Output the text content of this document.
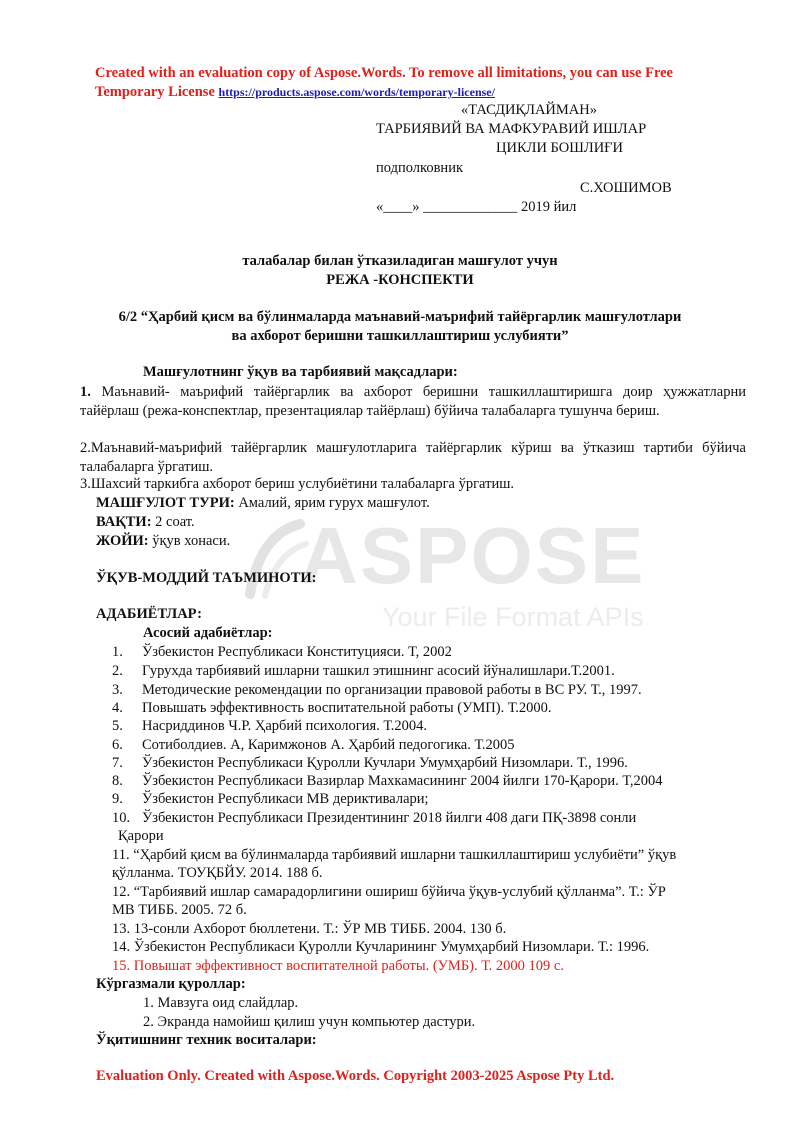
ASPOSE
Your File Format APIs
Created with an evaluation copy of Aspose.Words. To remove all limitations, you can use Free
Temporary License https://products.aspose.com/words/temporary-license/
«ТАСДИҚЛАЙМАН»
ТАРБИЯВИЙ ВА МАФКУРАВИЙ ИШЛАР
ЦИКЛИ БОШЛИҒИ
подполковник
С.ХОШИМОВ
«____» _____________ 2019 йил
талабалар билан ўтказиладиган машғулот учун
РЕЖА -КОНСПЕКТИ
6/2 “Ҳарбий қисм ва бўлинмаларда маънавий-маърифий тайёргарлик машғулотлари
ва ахборот беришни ташкиллаштириш услубияти”
Машғулотнинг ўқув ва тарбиявий мақсадлари:
1. Маънавий- маърифий тайёргарлик ва ахборот беришни ташкиллаштиришга доир ҳужжатларни тайёрлаш (режа-конспектлар, презентациялар тайёрлаш) бўйича талабаларга тушунча бериш.
2.Маънавий-маърифий тайёргарлик машғулотларига тайёргарлик кўриш ва ўтказиш тартиби бўйича талабаларга ўргатиш.
3.Шахсий таркибга ахборот бериш услубиётини талабаларга ўргатиш.
МАШҒУЛОТ ТУРИ: Амалий, ярим гурух машғулот.
ВАҚТИ: 2 соат.
ЖОЙИ: ўқув хонаси.
ЎҚУВ-МОДДИЙ ТАЪМИНОТИ:
АДАБИЁТЛАР:
Асосий адабиётлар:
1. Ўзбекистон Республикаси Конституцияси. Т, 2002
2. Гурухда тарбиявий ишларни ташкил этишнинг асосий йўналишлари.Т.2001.
3. Методические рекомендации по организации правовой работы в ВС РУ. Т., 1997.
4. Повышать эффективность воспитательной работы (УМП). Т.2000.
5. Насриддинов Ч.Р. Ҳарбий психология. Т.2004.
6. Сотиболдиев. А, Каримжонов А. Ҳарбий педогогика. Т.2005
7. Ўзбекистон Республикаси Қуролли Кучлари Умумҳарбий Низомлари. Т., 1996.
8. Ўзбекистон Республикаси Вазирлар Махкамасининг 2004 йилги 170-Қарори. Т,2004
9. Ўзбекистон Республикаси МВ дериктивалари;
10. Ўзбекистон Республикаси Президентининг 2018 йилги 408 даги ПҚ-3898 сонли
Қарори
11. “Ҳарбий қисм ва бўлинмаларда тарбиявий ишларни ташкиллаштириш услубиёти” ўқув
қўлланма. ТОУҚБЙУ. 2014. 188 б.
12. “Тарбиявий ишлар самарадорлигини ошириш бўйича ўқув-услубий қўлланма”. Т.: ЎР
МВ ТИББ. 2005. 72 б.
13. 13-сонли Ахборот бюллетени. Т.: ЎР МВ ТИББ. 2004. 130 б.
14. Ўзбекистон Республикаси Қуролли Кучларининг Умумҳарбий Низомлари. Т.: 1996.
15. Повышат эффективност воспитателной работы. (УМБ). Т. 2000 109 с.
Кўргазмали қуроллар:
1. Мавзуга оид слайдлар.
2. Экранда намойиш қилиш учун компьютер дастури.
Ўқитишнинг техник воситалари:
Evaluation Only. Created with Aspose.Words. Copyright 2003-2025 Aspose Pty Ltd.
